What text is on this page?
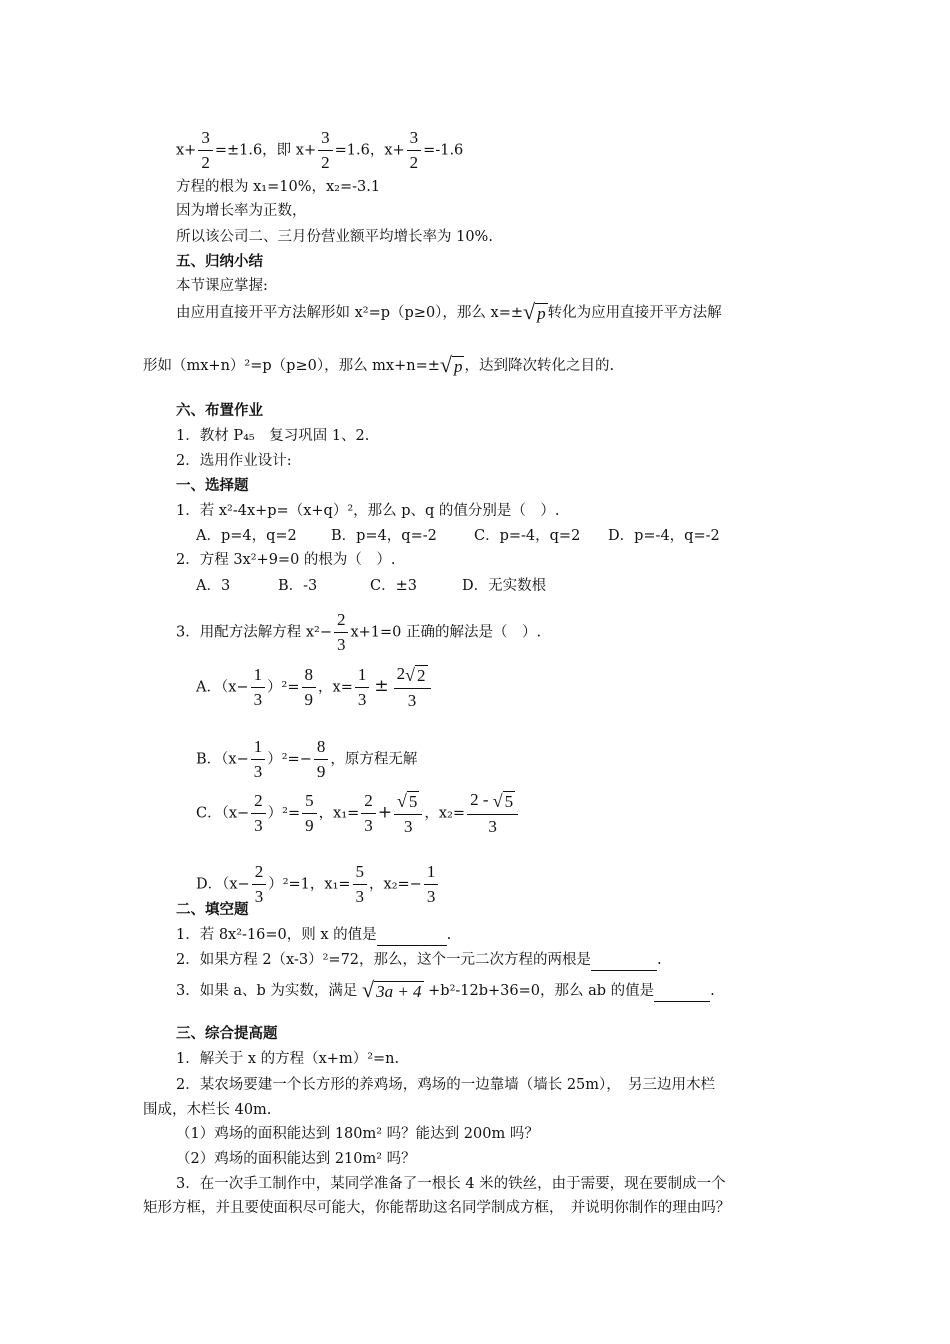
$x+ \frac{3}{2} =\pm 1.6$，即 $x+ \frac{3}{2} =1.6$，$x+ \frac{3}{2} =-1.6$
方程的根为 x₁=10%，x₂=-3.1
因为增长率为正数，
所以该公司二、三月份营业额平均增长率为 10%.
五、归纳小结
本节课应掌握:
由应用直接开平方法解形如 x²=p（p≥0），那么 x=±√ p 转化为应用直接开平方法解
形如（mx+n）²=p（p≥0），那么 mx+n=±√ p ，达到降次转化之目的.
六、布置作业
1．教材 P₄₅　复习巩固 1、2.
2．选用作业设计:
一、选择题
1．若 x²-4x+p=（x+q）²，那么 p、q 的值分别是（　）.
A．p=4，q=2 B．p=4，q=-2	C．p=-4，q=2 D．p=-4，q=-2
2．方程 3x²+9=0 的根为（　）.
A．3	B．-3	C．±3	D．无实数根
3．用配方法解方程 $x^2- \frac{2}{3} x+1=0$ 正确的解法是（　）.
A．$(x- \frac{1}{3} )^2= \frac{8}{9}$ ，$x= \frac{1}{3} \pm \frac{2√ 2}{3}$
B．$(x- \frac{1}{3} )^2=- \frac{8}{9}$ ，原方程无解
C．$(x- \frac{2}{3} )^2= \frac{5}{9}$ ，$x_1= \frac{2}{3} + \frac{√ 5}{3}$ ，$x_2= \frac{2 - √ 5}{3}$
D．$(x- \frac{2}{3} )^2=1$，$x_1= \frac{5}{3}$ ，$x_2=- \frac{1}{3}$
二、填空题
1．若 8x²-16=0，则 x 的值是	.
2．如果方程 2（x-3）²=72，那么，这个一元二次方程的两根是	.
3．如果 a、b 为实数，满足 √ 3a + 4 +b²-12b+36=0，那么 ab 的值是	.
三、综合提高题
1．解关于 x 的方程（x+m）²=n.
2．某农场要建一个长方形的养鸡场，鸡场的一边靠墙（墙长 25m），　另三边用木栏
围成，木栏长 40m.
（1）鸡场的面积能达到 180m² 吗？能达到 200m 吗？
（2）鸡场的面积能达到 210m² 吗？
3．在一次手工制作中，某同学准备了一根长 4 米的铁丝，由于需要，现在要制成一个
矩形方框，并且要使面积尽可能大，你能帮助这名同学制成方框，　并说明你制作的理由吗？
